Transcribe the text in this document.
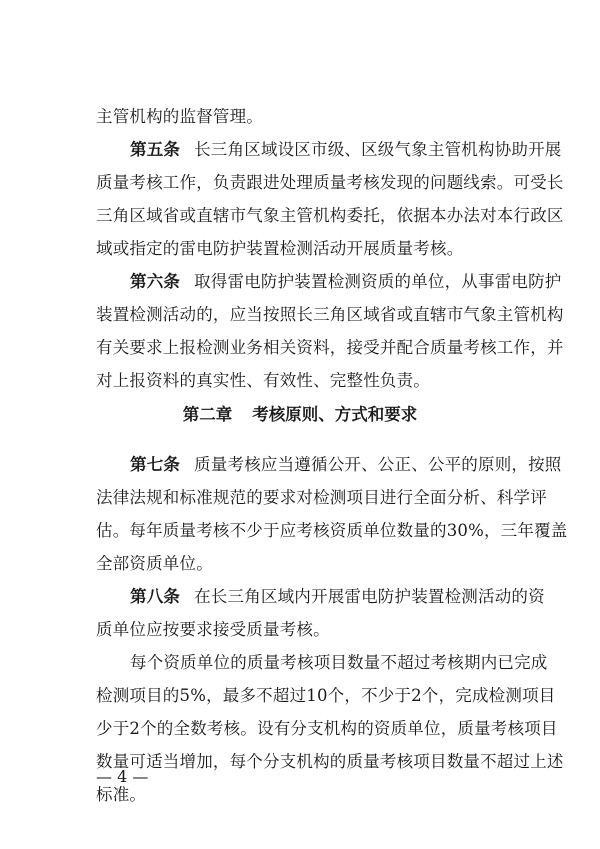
主管机构的监督管理。
第五条 长三角区域设区市级、区级气象主管机构协助开展
质量考核工作，负责跟进处理质量考核发现的问题线索。可受长
三角区域省或直辖市气象主管机构委托，依据本办法对本行政区
域或指定的雷电防护装置检测活动开展质量考核。
第六条 取得雷电防护装置检测资质的单位，从事雷电防护
装置检测活动的，应当按照长三角区域省或直辖市气象主管机构
有关要求上报检测业务相关资料，接受并配合质量考核工作，并
对上报资料的真实性、有效性、完整性负责。
第二章 考核原则、方式和要求
第七条 质量考核应当遵循公开、公正、公平的原则，按照
法律法规和标准规范的要求对检测项目进行全面分析、科学评
估。每年质量考核不少于应考核资质单位数量的30%，三年覆盖
全部资质单位。
第八条 在长三角区域内开展雷电防护装置检测活动的资
质单位应按要求接受质量考核。
每个资质单位的质量考核项目数量不超过考核期内已完成
检测项目的5%，最多不超过10个，不少于2个，完成检测项目
少于2个的全数考核。设有分支机构的资质单位，质量考核项目
数量可适当增加，每个分支机构的质量考核项目数量不超过上述
标准。
— 4 —
